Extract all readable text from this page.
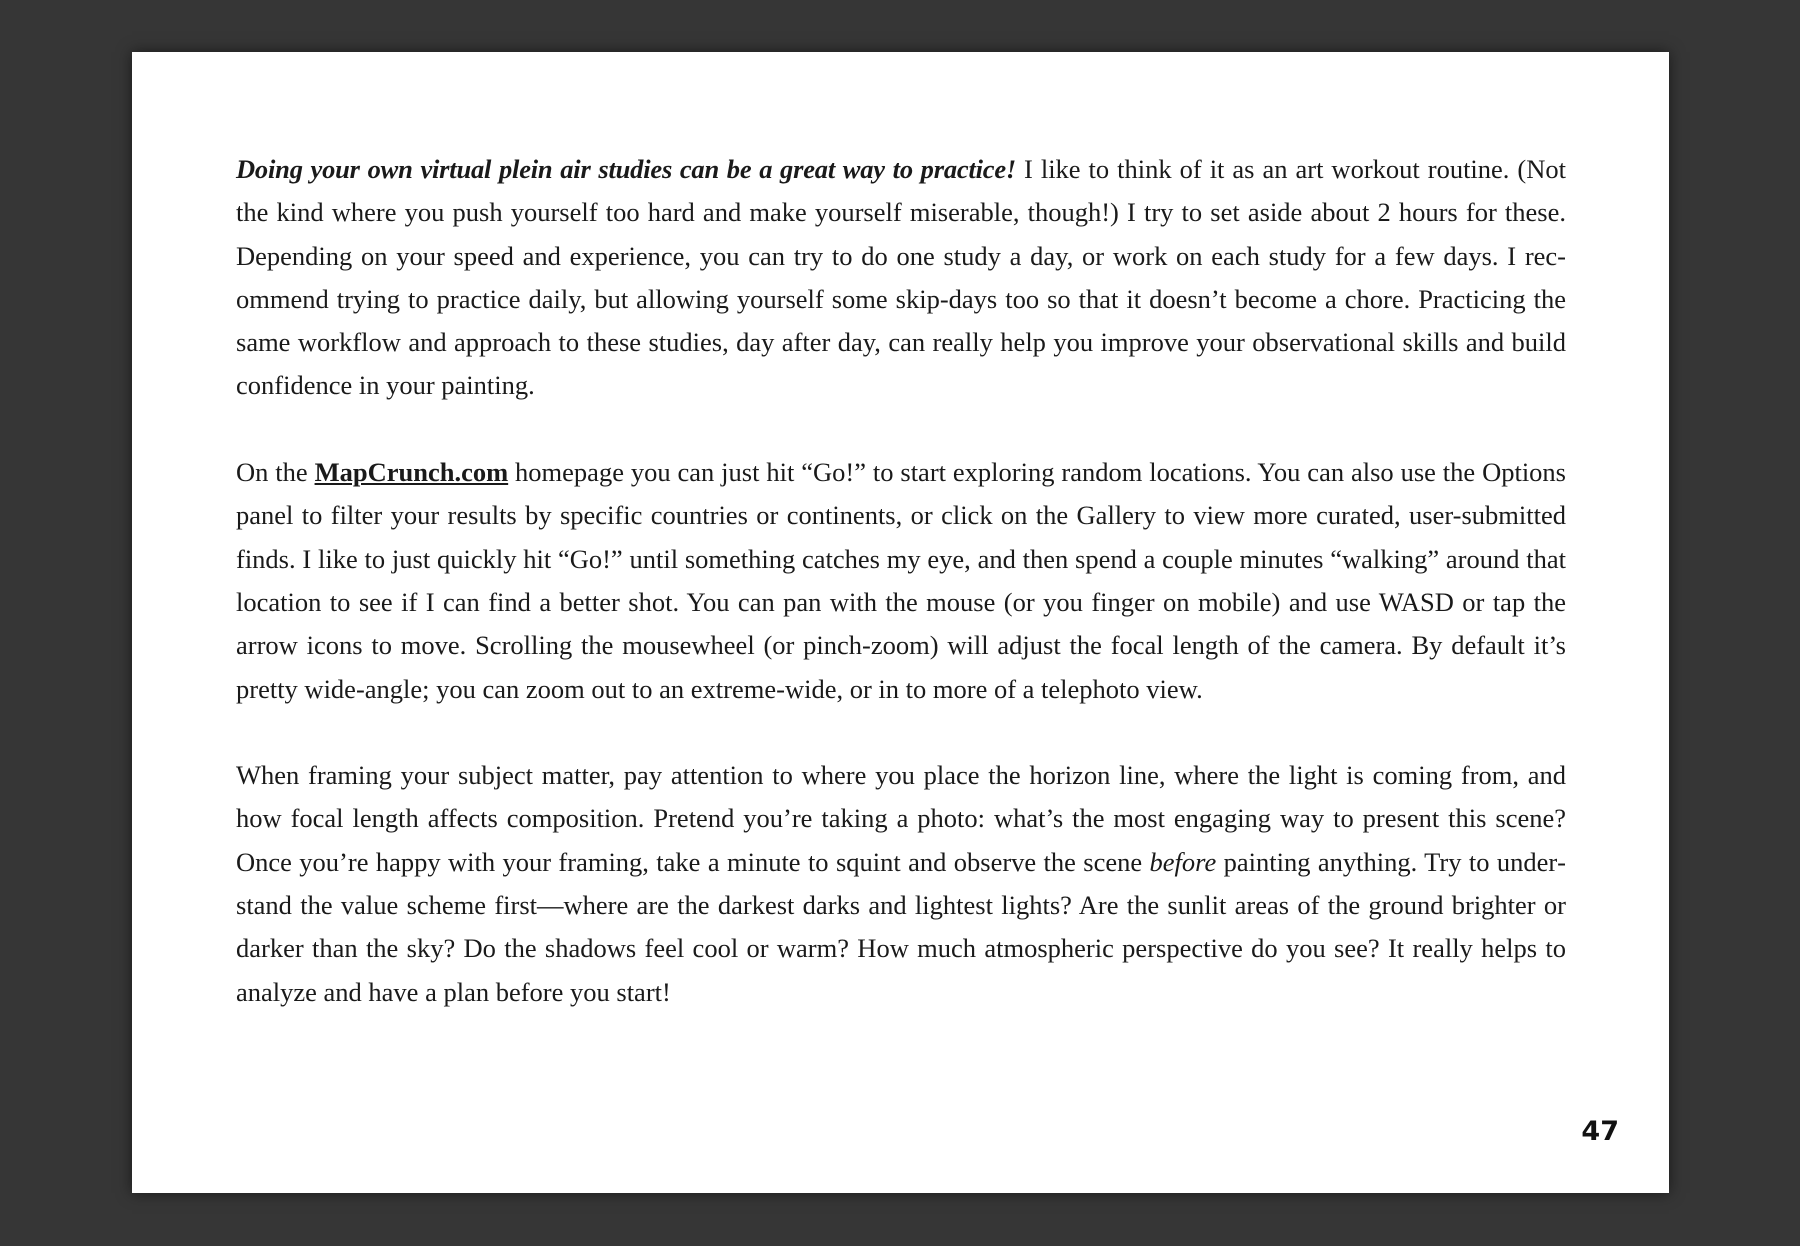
Doing your own virtual plein air studies can be a great way to practice! I like to think of it as an art workout routine. (Not the kind where you push yourself too hard and make yourself miserable, though!) I try to set aside about 2 hours for these. Depending on your speed and experience, you can try to do one study a day, or work on each study for a few days. I recommend trying to practice daily, but allowing yourself some skip-days too so that it doesn’t become a chore. Practicing the same workflow and approach to these studies, day after day, can really help you improve your observational skills and build confidence in your painting.

On the MapCrunch.com homepage you can just hit “Go!” to start exploring random locations. You can also use the Options panel to filter your results by specific countries or continents, or click on the Gallery to view more curated, user-submitted finds. I like to just quickly hit “Go!” until something catches my eye, and then spend a couple minutes “walking” around that location to see if I can find a better shot. You can pan with the mouse (or you finger on mobile) and use WASD or tap the arrow icons to move. Scrolling the mousewheel (or pinch-zoom) will adjust the focal length of the camera. By default it’s pretty wide-angle; you can zoom out to an extreme-wide, or in to more of a telephoto view.

When framing your subject matter, pay attention to where you place the horizon line, where the light is coming from, and how focal length affects composition. Pretend you’re taking a photo: what’s the most engaging way to present this scene? Once you’re happy with your framing, take a minute to squint and observe the scene before painting anything. Try to understand the value scheme first—where are the darkest darks and lightest lights? Are the sunlit areas of the ground brighter or darker than the sky? Do the shadows feel cool or warm? How much atmospheric perspective do you see? It really helps to analyze and have a plan before you start!

47
